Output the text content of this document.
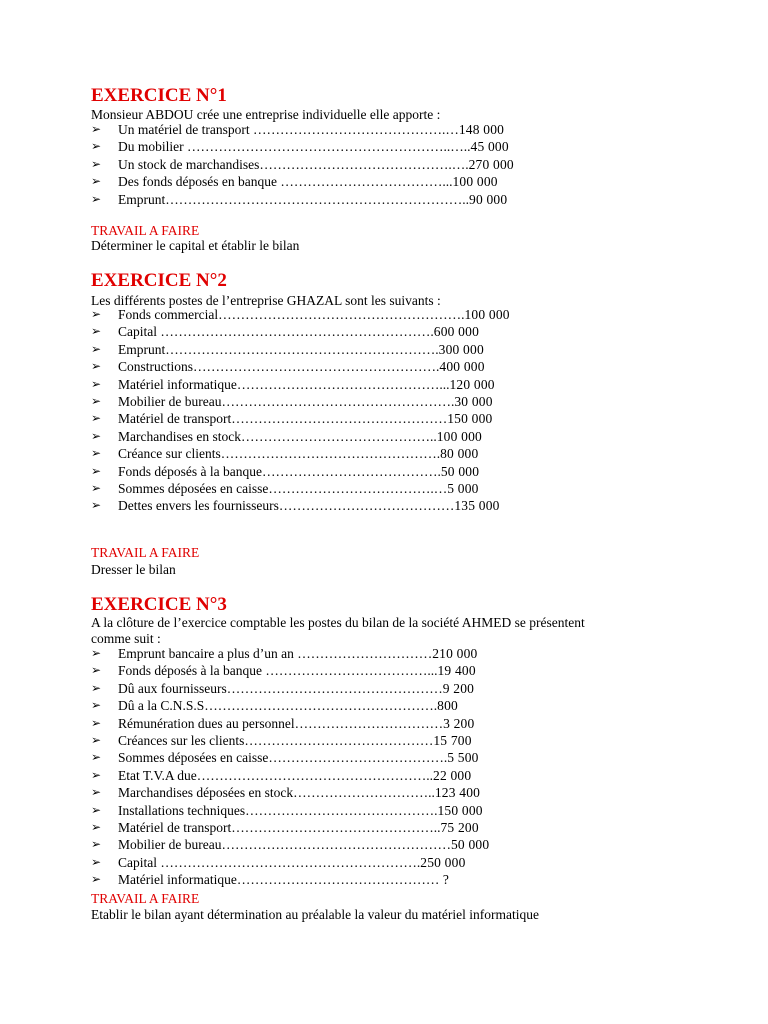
EXERCICE N°1
Monsieur ABDOU crée une entreprise individuelle elle apporte :
➢ Un matériel de transport …………………………………….…148 000
➢ Du mobilier …………………………………………………..…..45 000
➢ Un stock de marchandises…………………………………….….270 000
➢ Des fonds déposés en banque ………………………………...100 000
➢ Emprunt…………………………………………………………..90 000
TRAVAIL A FAIRE
Déterminer le capital et établir le bilan
EXERCICE N°2
Les différents postes de l’entreprise GHAZAL sont les suivants :
➢ Fonds commercial……………………………………………….100 000
➢ Capital …………………………………………………….600 000
➢ Emprunt…………………………………………………….300 000
➢ Constructions……………………………………………….400 000
➢ Matériel informatique………………………………………...120 000
➢ Mobilier de bureau…………………………………………….30 000
➢ Matériel de transport…………………………………………150 000
➢ Marchandises en stock……………………………………..100 000
➢ Créance sur clients………………………………………….80 000
➢ Fonds déposés à la banque………………………………….50 000
➢ Sommes déposées en caisse……………………………….…5 000
➢ Dettes envers les fournisseurs…………………………………135 000
TRAVAIL A FAIRE
Dresser le bilan
EXERCICE N°3
A la clôture de l’exercice comptable les postes du bilan de la société AHMED se présentent
comme suit :
➢ Emprunt bancaire a plus d’un an …………………………210 000
➢ Fonds déposés à la banque ………………………………...19 400
➢ Dû aux fournisseurs…………………………………………9 200
➢ Dû a la C.N.S.S…………………………………………….800
➢ Rémunération dues au personnel……………………………3 200
➢ Créances sur les clients……………………………………15 700
➢ Sommes déposées en caisse………………………………….5 500
➢ Etat T.V.A due……………………………………………..22 000
➢ Marchandises déposées en stock…………………………..123 400
➢ Installations techniques…………………………………….150 000
➢ Matériel de transport………………………………………..75 200
➢ Mobilier de bureau……………………………………………50 000
➢ Capital ………………………………………………….250 000
➢ Matériel informatique……………………………………… ?
TRAVAIL A FAIRE
Etablir le bilan ayant détermination au préalable la valeur du matériel informatique
